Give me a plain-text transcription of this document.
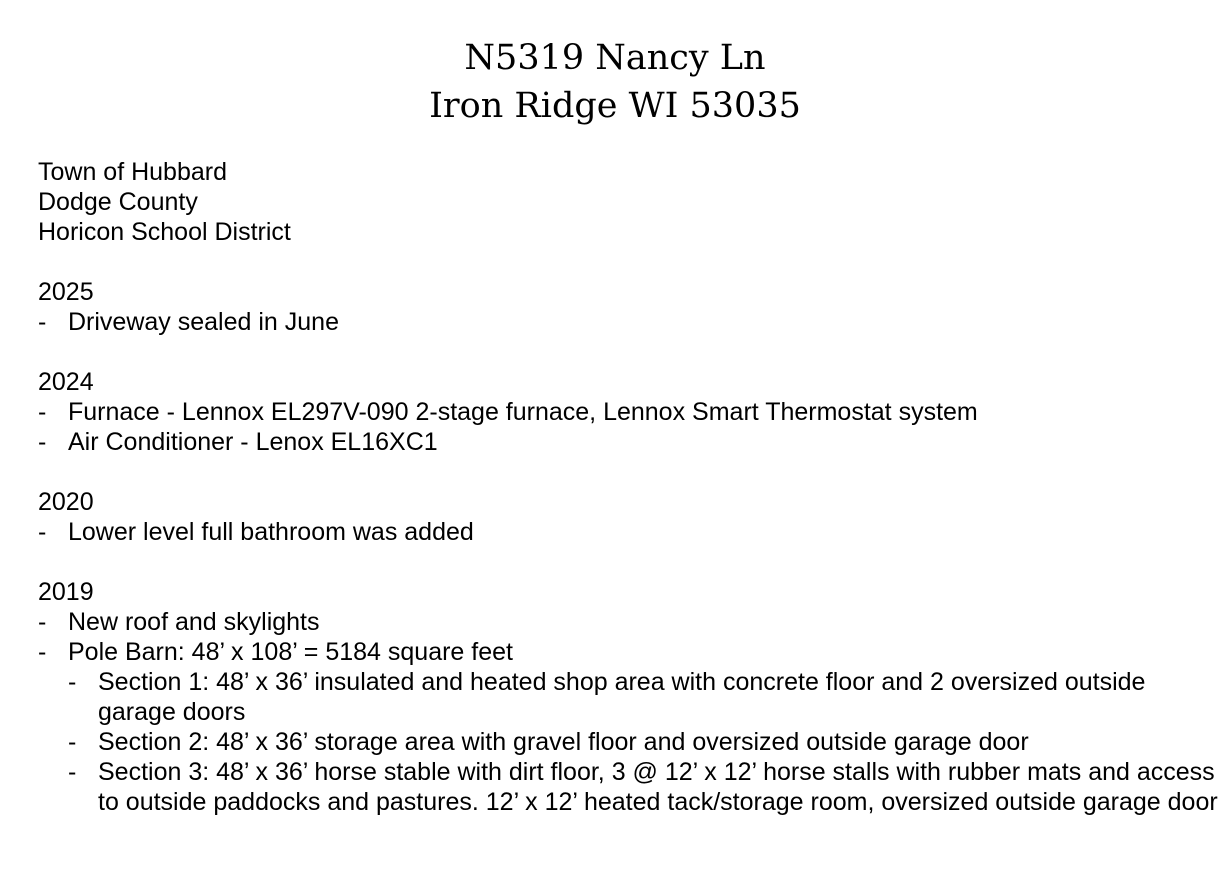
N5319 Nancy Ln
Iron Ridge WI 53035
Town of Hubbard
Dodge County
Horicon School District
2025
- Driveway sealed in June
2024
- Furnace - Lennox EL297V-090 2-stage furnace, Lennox Smart Thermostat system
- Air Conditioner - Lenox EL16XC1
2020
- Lower level full bathroom was added
2019
- New roof and skylights
- Pole Barn: 48’ x 108’ = 5184 square feet
- Section 1: 48’ x 36’ insulated and heated shop area with concrete floor and 2 oversized outside garage doors
- Section 2: 48’ x 36’ storage area with gravel floor and oversized outside garage door
- Section 3: 48’ x 36’ horse stable with dirt floor, 3 @ 12’ x 12’ horse stalls with rubber mats and access to outside paddocks and pastures. 12’ x 12’ heated tack/storage room, oversized outside garage door
